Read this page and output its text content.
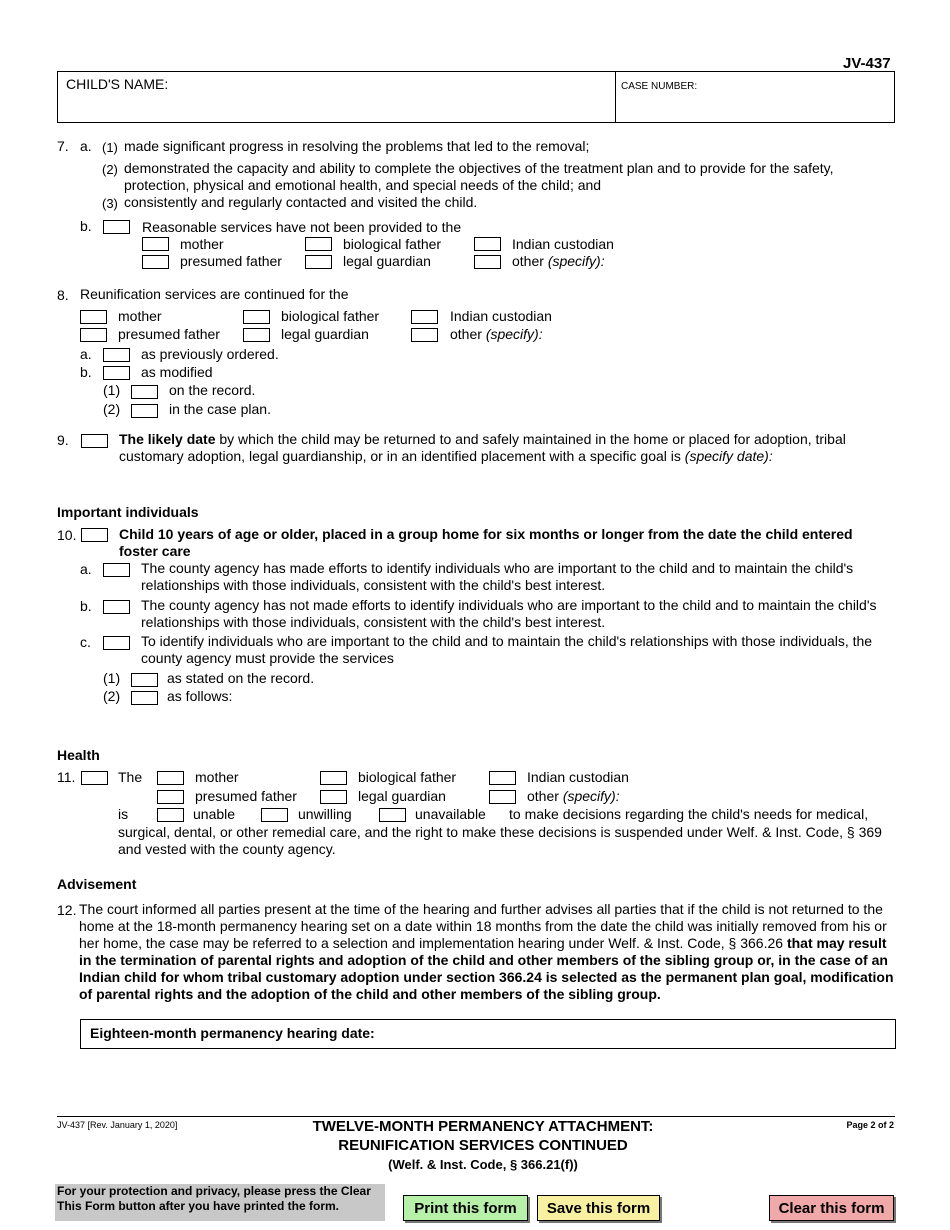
JV-437
CHILD'S NAME:	CASE NUMBER:
7. a. (1) made significant progress in resolving the problems that led to the removal;
(2) demonstrated the capacity and ability to complete the objectives of the treatment plan and to provide for the safety, protection, physical and emotional health, and special needs of the child; and
(3) consistently and regularly contacted and visited the child.
b.	Reasonable services have not been provided to the
mother	biological father	Indian custodian
presumed father	legal guardian	other (specify):
8. Reunification services are continued for the
mother	biological father	Indian custodian
presumed father	legal guardian	other (specify):
a.	as previously ordered.
b.	as modified
(1)	on the record.
(2)	in the case plan.
9.	The likely date by which the child may be returned to and safely maintained in the home or placed for adoption, tribal customary adoption, legal guardianship, or in an identified placement with a specific goal is (specify date):
Important individuals
10.	Child 10 years of age or older, placed in a group home for six months or longer from the date the child entered foster care
a.	The county agency has made efforts to identify individuals who are important to the child and to maintain the child's relationships with those individuals, consistent with the child's best interest.
b.	The county agency has not made efforts to identify individuals who are important to the child and to maintain the child's relationships with those individuals, consistent with the child's best interest.
c.	To identify individuals who are important to the child and to maintain the child's relationships with those individuals, the county agency must provide the services
(1)	as stated on the record.
(2)	as follows:
Health
11.	The	mother	biological father	Indian custodian
presumed father	legal guardian	other (specify):
is	unable	unwilling	unavailable to make decisions regarding the child's needs for medical,
surgical, dental, or other remedial care, and the right to make these decisions is suspended under Welf. & Inst. Code, § 369 and vested with the county agency.
Advisement
12. The court informed all parties present at the time of the hearing and further advises all parties that if the child is not returned to the home at the 18-month permanency hearing set on a date within 18 months from the date the child was initially removed from his or her home, the case may be referred to a selection and implementation hearing under Welf. & Inst. Code, § 366.26 that may result in the termination of parental rights and adoption of the child and other members of the sibling group or, in the case of an Indian child for whom tribal customary adoption under section 366.24 is selected as the permanent plan goal, modification of parental rights and the adoption of the child and other members of the sibling group.
Eighteen-month permanency hearing date:
JV-437 [Rev. January 1, 2020]	TWELVE-MONTH PERMANENCY ATTACHMENT:
REUNIFICATION SERVICES CONTINUED
(Welf. & Inst. Code, § 366.21(f))
Page 2 of 2
For your protection and privacy, please press the Clear This Form button after you have printed the form.	Print this form	Save this form	Clear this form
